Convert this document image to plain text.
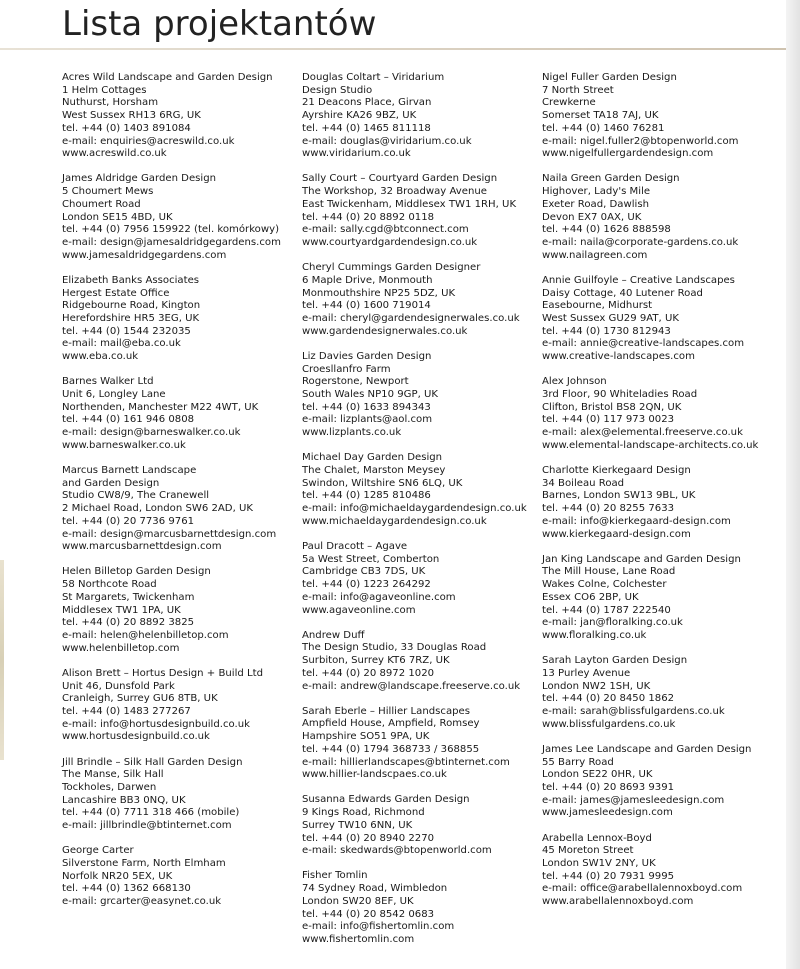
Lista projektantów
Acres Wild Landscape and Garden Design
1 Helm Cottages
Nuthurst, Horsham
West Sussex RH13 6RG, UK
tel. +44 (0) 1403 891084
e-mail: enquiries@acreswild.co.uk
www.acreswild.co.uk
James Aldridge Garden Design
5 Choumert Mews
Choumert Road
London SE15 4BD, UK
tel. +44 (0) 7956 159922 (tel. komórkowy)
e-mail: design@jamesaldridgegardens.com
www.jamesaldridgegardens.com
Elizabeth Banks Associates
Hergest Estate Office
Ridgebourne Road, Kington
Herefordshire HR5 3EG, UK
tel. +44 (0) 1544 232035
e-mail: mail@eba.co.uk
www.eba.co.uk
Barnes Walker Ltd
Unit 6, Longley Lane
Northenden, Manchester M22 4WT, UK
tel. +44 (0) 161 946 0808
e-mail: design@barneswalker.co.uk
www.barneswalker.co.uk
Marcus Barnett Landscape
and Garden Design
Studio CW8/9, The Cranewell
2 Michael Road, London SW6 2AD, UK
tel. +44 (0) 20 7736 9761
e-mail: design@marcusbarnettdesign.com
www.marcusbarnettdesign.com
Helen Billetop Garden Design
58 Northcote Road
St Margarets, Twickenham
Middlesex TW1 1PA, UK
tel. +44 (0) 20 8892 3825
e-mail: helen@helenbilletop.com
www.helenbilletop.com
Alison Brett – Hortus Design + Build Ltd
Unit 46, Dunsfold Park
Cranleigh, Surrey GU6 8TB, UK
tel. +44 (0) 1483 277267
e-mail: info@hortusdesignbuild.co.uk
www.hortusdesignbuild.co.uk
Jill Brindle – Silk Hall Garden Design
The Manse, Silk Hall
Tockholes, Darwen
Lancashire BB3 0NQ, UK
tel. +44 (0) 7711 318 466 (mobile)
e-mail: jillbrindle@btinternet.com
George Carter
Silverstone Farm, North Elmham
Norfolk NR20 5EX, UK
tel. +44 (0) 1362 668130
e-mail: grcarter@easynet.co.uk
Douglas Coltart – Viridarium
Design Studio
21 Deacons Place, Girvan
Ayrshire KA26 9BZ, UK
tel. +44 (0) 1465 811118
e-mail: douglas@viridarium.co.uk
www.viridarium.co.uk
Sally Court – Courtyard Garden Design
The Workshop, 32 Broadway Avenue
East Twickenham, Middlesex TW1 1RH, UK
tel. +44 (0) 20 8892 0118
e-mail: sally.cgd@btconnect.com
www.courtyardgardendesign.co.uk
Cheryl Cummings Garden Designer
6 Maple Drive, Monmouth
Monmouthshire NP25 5DZ, UK
tel. +44 (0) 1600 719014
e-mail: cheryl@gardendesignerwales.co.uk
www.gardendesignerwales.co.uk
Liz Davies Garden Design
Croesllanfro Farm
Rogerstone, Newport
South Wales NP10 9GP, UK
tel. +44 (0) 1633 894343
e-mail: lizplants@aol.com
www.lizplants.co.uk
Michael Day Garden Design
The Chalet, Marston Meysey
Swindon, Wiltshire SN6 6LQ, UK
tel. +44 (0) 1285 810486
e-mail: info@michaeldaygardendesign.co.uk
www.michaeldaygardendesign.co.uk
Paul Dracott – Agave
5a West Street, Comberton
Cambridge CB3 7DS, UK
tel. +44 (0) 1223 264292
e-mail: info@agaveonline.com
www.agaveonline.com
Andrew Duff
The Design Studio, 33 Douglas Road
Surbiton, Surrey KT6 7RZ, UK
tel. +44 (0) 20 8972 1020
e-mail: andrew@landscape.freeserve.co.uk
Sarah Eberle – Hillier Landscapes
Ampfield House, Ampfield, Romsey
Hampshire SO51 9PA, UK
tel. +44 (0) 1794 368733 / 368855
e-mail: hillierlandscapes@btinternet.com
www.hillier-landscpaes.co.uk
Susanna Edwards Garden Design
9 Kings Road, Richmond
Surrey TW10 6NN, UK
tel. +44 (0) 20 8940 2270
e-mail: skedwards@btopenworld.com
Fisher Tomlin
74 Sydney Road, Wimbledon
London SW20 8EF, UK
tel. +44 (0) 20 8542 0683
e-mail: info@fishertomlin.com
www.fishertomlin.com
Nigel Fuller Garden Design
7 North Street
Crewkerne
Somerset TA18 7AJ, UK
tel. +44 (0) 1460 76281
e-mail: nigel.fuller2@btopenworld.com
www.nigelfullergardendesign.com
Naila Green Garden Design
Highover, Lady's Mile
Exeter Road, Dawlish
Devon EX7 0AX, UK
tel. +44 (0) 1626 888598
e-mail: naila@corporate-gardens.co.uk
www.nailagreen.com
Annie Guilfoyle – Creative Landscapes
Daisy Cottage, 40 Lutener Road
Easebourne, Midhurst
West Sussex GU29 9AT, UK
tel. +44 (0) 1730 812943
e-mail: annie@creative-landscapes.com
www.creative-landscapes.com
Alex Johnson
3rd Floor, 90 Whiteladies Road
Clifton, Bristol BS8 2QN, UK
tel. +44 (0) 117 973 0023
e-mail: alex@elemental.freeserve.co.uk
www.elemental-landscape-architects.co.uk
Charlotte Kierkegaard Design
34 Boileau Road
Barnes, London SW13 9BL, UK
tel. +44 (0) 20 8255 7633
e-mail: info@kierkegaard-design.com
www.kierkegaard-design.com
Jan King Landscape and Garden Design
The Mill House, Lane Road
Wakes Colne, Colchester
Essex CO6 2BP, UK
tel. +44 (0) 1787 222540
e-mail: jan@floralking.co.uk
www.floralking.co.uk
Sarah Layton Garden Design
13 Purley Avenue
London NW2 1SH, UK
tel. +44 (0) 20 8450 1862
e-mail: sarah@blissfulgardens.co.uk
www.blissfulgardens.co.uk
James Lee Landscape and Garden Design
55 Barry Road
London SE22 0HR, UK
tel. +44 (0) 20 8693 9391
e-mail: james@jamesleedesign.com
www.jamesleedesign.com
Arabella Lennox-Boyd
45 Moreton Street
London SW1V 2NY, UK
tel. +44 (0) 20 7931 9995
e-mail: office@arabellalennoxboyd.com
www.arabellalennoxboyd.com
